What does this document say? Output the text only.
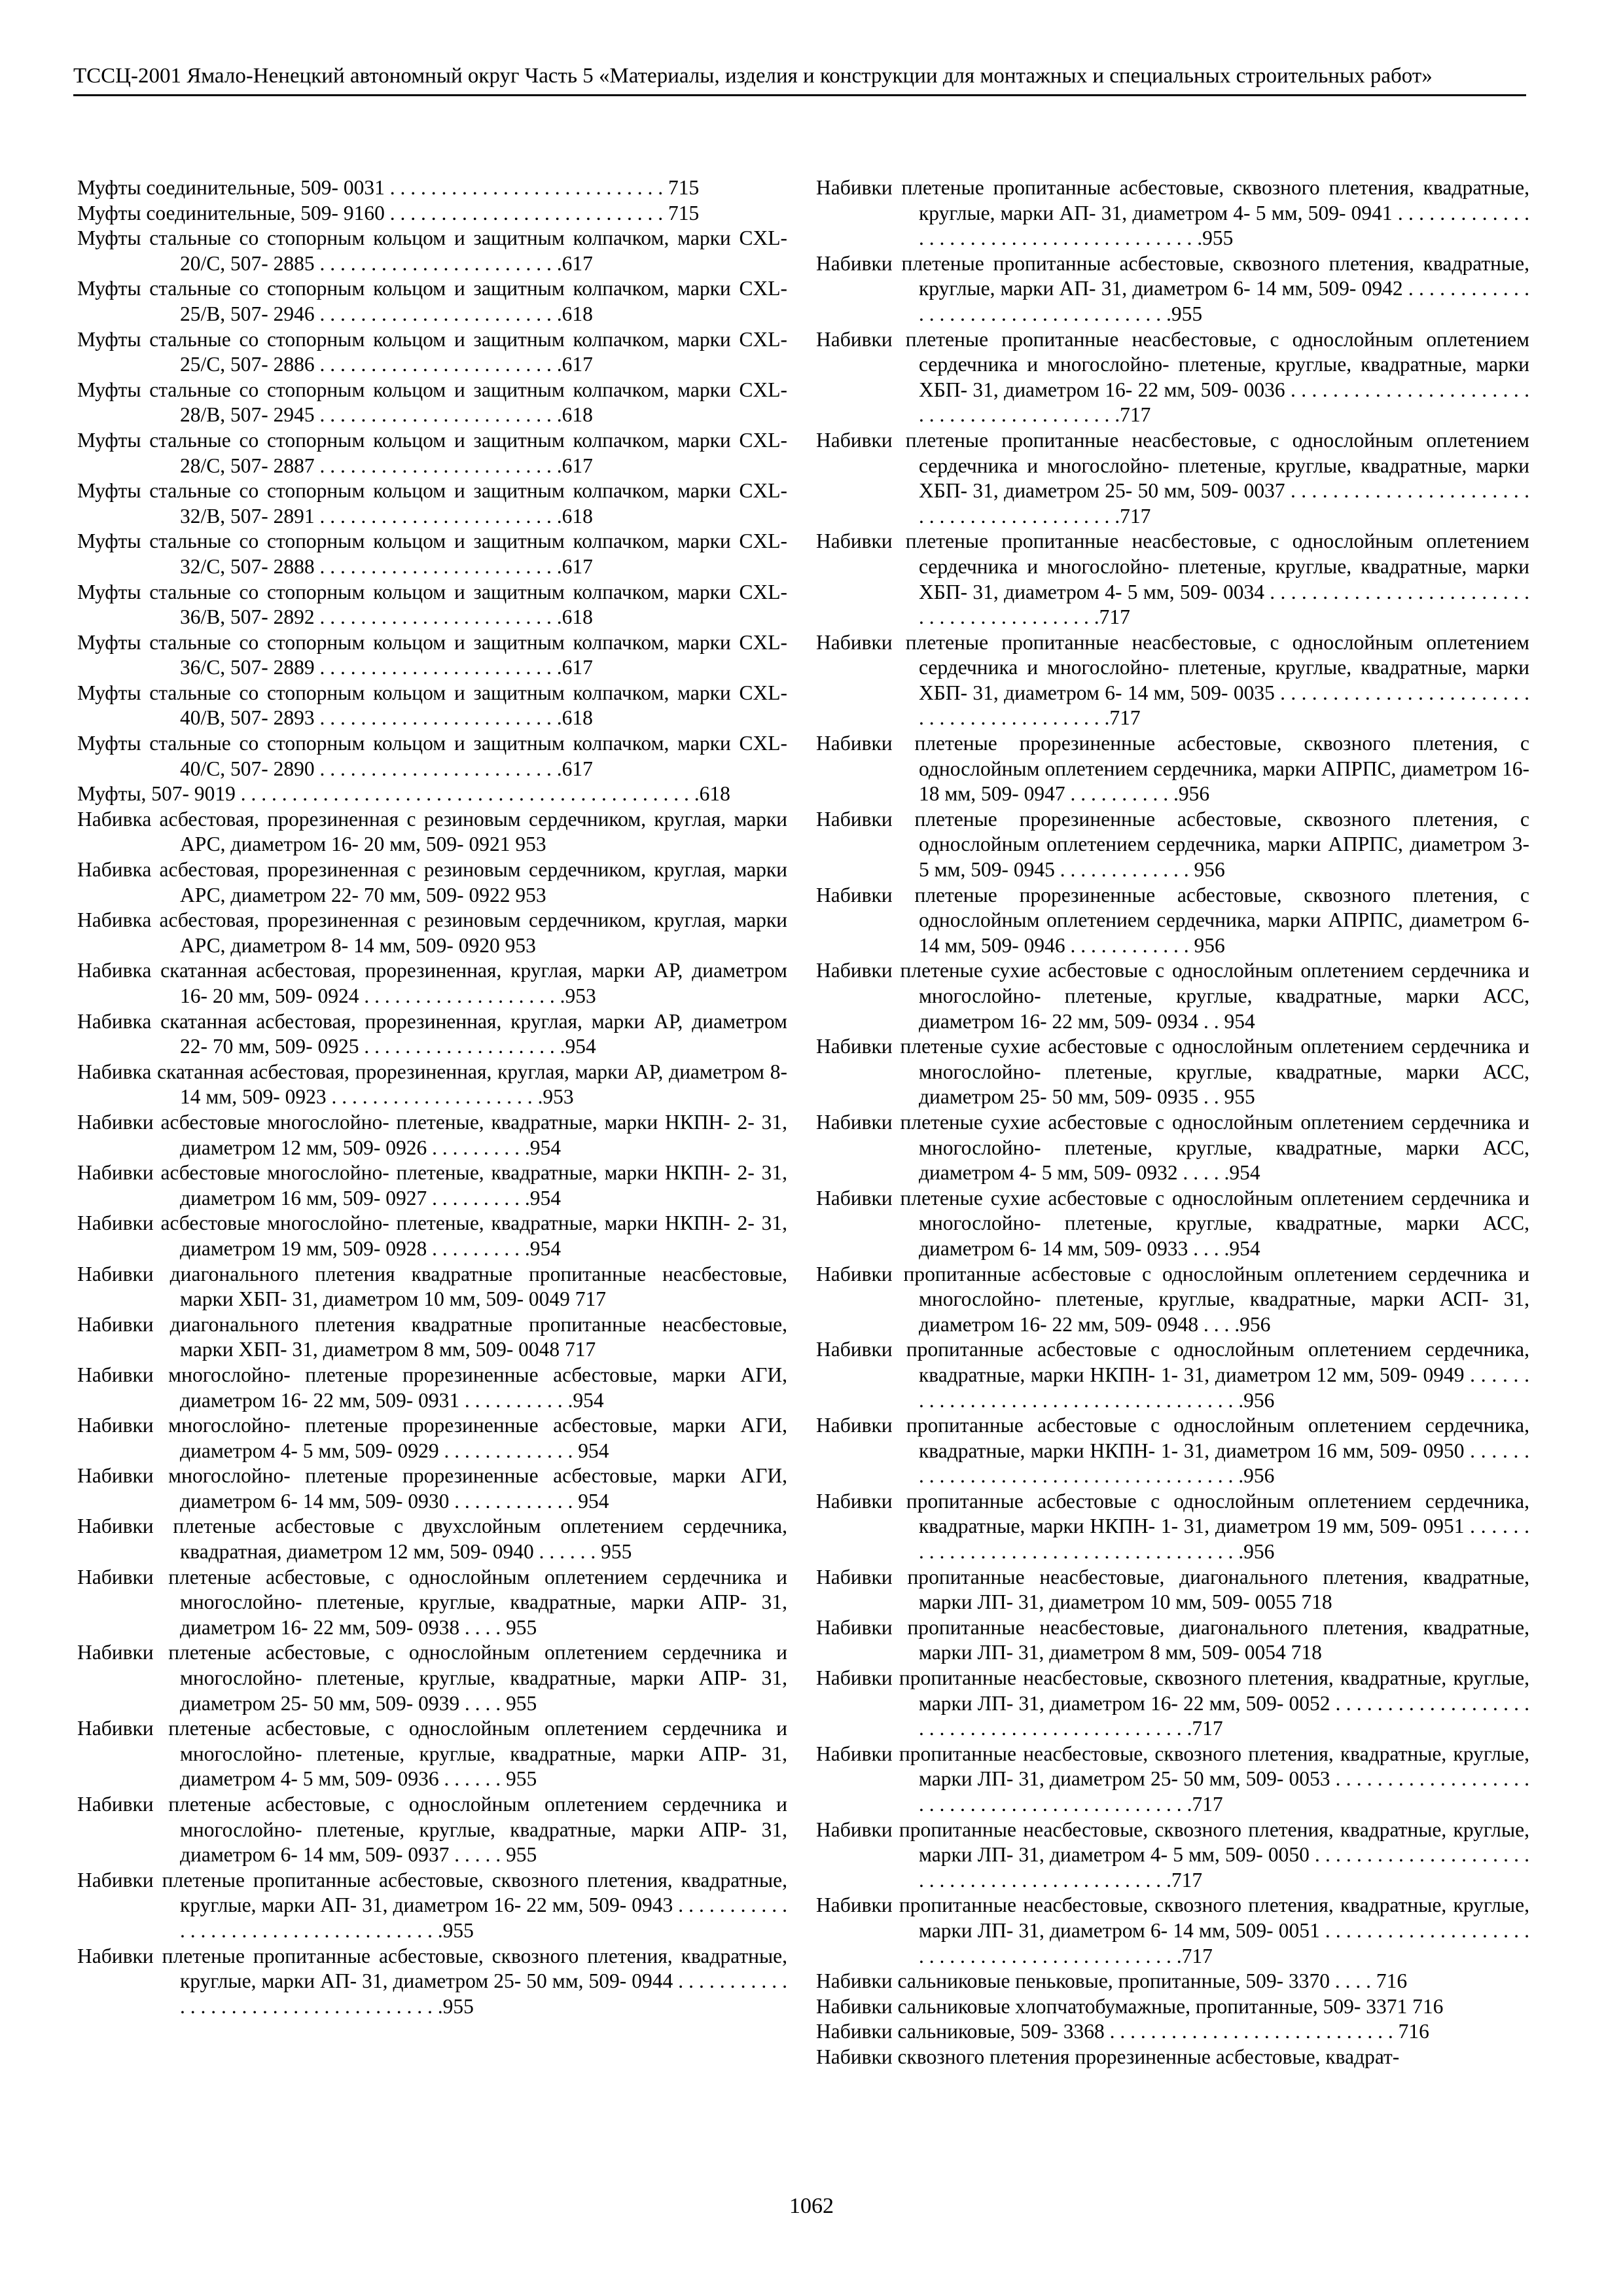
ТССЦ-2001 Ямало-Ненецкий автономный округ Часть 5 «Материалы, изделия и конструкции для монтажных и специальных строительных работ»

Муфты соединительные, 509- 0031 . . . . . . . . . . . . . . . . . . . . . . . . . . . 715

Муфты соединительные, 509- 9160 . . . . . . . . . . . . . . . . . . . . . . . . . . . 715

Муфты стальные со стопорным кольцом и защитным колпачком, марки CXL- 20/C, 507- 2885 . . . . . . . . . . . . . . . . . . . . . . . .617

Муфты стальные со стопорным кольцом и защитным колпачком, марки CXL- 25/B, 507- 2946 . . . . . . . . . . . . . . . . . . . . . . . .618

Муфты стальные со стопорным кольцом и защитным колпачком, марки CXL- 25/C, 507- 2886 . . . . . . . . . . . . . . . . . . . . . . . .617

Муфты стальные со стопорным кольцом и защитным колпачком, марки CXL- 28/B, 507- 2945 . . . . . . . . . . . . . . . . . . . . . . . .618

Муфты стальные со стопорным кольцом и защитным колпачком, марки CXL- 28/C, 507- 2887 . . . . . . . . . . . . . . . . . . . . . . . .617

Муфты стальные со стопорным кольцом и защитным колпачком, марки CXL- 32/B, 507- 2891 . . . . . . . . . . . . . . . . . . . . . . . .618

Муфты стальные со стопорным кольцом и защитным колпачком, марки CXL- 32/C, 507- 2888 . . . . . . . . . . . . . . . . . . . . . . . .617

Муфты стальные со стопорным кольцом и защитным колпачком, марки CXL- 36/B, 507- 2892 . . . . . . . . . . . . . . . . . . . . . . . .618

Муфты стальные со стопорным кольцом и защитным колпачком, марки CXL- 36/C, 507- 2889 . . . . . . . . . . . . . . . . . . . . . . . .617

Муфты стальные со стопорным кольцом и защитным колпачком, марки CXL- 40/B, 507- 2893 . . . . . . . . . . . . . . . . . . . . . . . .618

Муфты стальные со стопорным кольцом и защитным колпачком, марки CXL- 40/C, 507- 2890 . . . . . . . . . . . . . . . . . . . . . . . .617

Муфты, 507- 9019 . . . . . . . . . . . . . . . . . . . . . . . . . . . . . . . . . . . . . . . . . . . . .618

Набивка асбестовая, прорезиненная с резиновым сердечником, круглая, марки АРС, диаметром 16- 20 мм, 509- 0921 953

Набивка асбестовая, прорезиненная с резиновым сердечником, круглая, марки АРС, диаметром 22- 70 мм, 509- 0922 953

Набивка асбестовая, прорезиненная с резиновым сердечником, круглая, марки АРС, диаметром 8- 14 мм, 509- 0920 953

Набивка скатанная асбестовая, прорезиненная, круглая, марки АР, диаметром 16- 20 мм, 509- 0924 . . . . . . . . . . . . . . . . . . . .953

Набивка скатанная асбестовая, прорезиненная, круглая, марки АР, диаметром 22- 70 мм, 509- 0925 . . . . . . . . . . . . . . . . . . . .954

Набивка скатанная асбестовая, прорезиненная, круглая, марки АР, диаметром 8- 14 мм, 509- 0923 . . . . . . . . . . . . . . . . . . . . .953

Набивки асбестовые многослойно- плетеные, квадратные, марки НКПН- 2- 31, диаметром 12 мм, 509- 0926 . . . . . . . . . .954

Набивки асбестовые многослойно- плетеные, квадратные, марки НКПН- 2- 31, диаметром 16 мм, 509- 0927 . . . . . . . . . .954

Набивки асбестовые многослойно- плетеные, квадратные, марки НКПН- 2- 31, диаметром 19 мм, 509- 0928 . . . . . . . . . .954

Набивки диагонального плетения квадратные пропитанные неасбестовые, марки ХБП- 31, диаметром 10 мм, 509- 0049 717

Набивки диагонального плетения квадратные пропитанные неасбестовые, марки ХБП- 31, диаметром 8 мм, 509- 0048 717

Набивки многослойно- плетеные прорезиненные асбестовые, марки АГИ, диаметром 16- 22 мм, 509- 0931 . . . . . . . . . . .954

Набивки многослойно- плетеные прорезиненные асбестовые, марки АГИ, диаметром 4- 5 мм, 509- 0929 . . . . . . . . . . . . . 954

Набивки многослойно- плетеные прорезиненные асбестовые, марки АГИ, диаметром 6- 14 мм, 509- 0930 . . . . . . . . . . . . 954

Набивки плетеные асбестовые с двухслойным оплетением сердечника, квадратная, диаметром 12 мм, 509- 0940 . . . . . . 955

Набивки плетеные асбестовые, с однослойным оплетением сердечника и многослойно- плетеные, круглые, квадратные, марки АПР- 31, диаметром 16- 22 мм, 509- 0938 . . . . 955

Набивки плетеные асбестовые, с однослойным оплетением сердечника и многослойно- плетеные, круглые, квадратные, марки АПР- 31, диаметром 25- 50 мм, 509- 0939 . . . . 955

Набивки плетеные асбестовые, с однослойным оплетением сердечника и многослойно- плетеные, круглые, квадратные, марки АПР- 31, диаметром 4- 5 мм, 509- 0936 . . . . . . 955

Набивки плетеные асбестовые, с однослойным оплетением сердечника и многослойно- плетеные, круглые, квадратные, марки АПР- 31, диаметром 6- 14 мм, 509- 0937 . . . . . 955

Набивки плетеные пропитанные асбестовые, сквозного плетения, квадратные, круглые, марки АП- 31, диаметром 16- 22 мм, 509- 0943 . . . . . . . . . . . . . . . . . . . . . . . . . . . . . . . . . . . . .955

Набивки плетеные пропитанные асбестовые, сквозного плетения, квадратные, круглые, марки АП- 31, диаметром 25- 50 мм, 509- 0944 . . . . . . . . . . . . . . . . . . . . . . . . . . . . . . . . . . . . .955

Набивки плетеные пропитанные асбестовые, сквозного плетения, квадратные, круглые, марки АП- 31, диаметром 4- 5 мм, 509- 0941 . . . . . . . . . . . . . . . . . . . . . . . . . . . . . . . . . . . . . . . . .955

Набивки плетеные пропитанные асбестовые, сквозного плетения, квадратные, круглые, марки АП- 31, диаметром 6- 14 мм, 509- 0942 . . . . . . . . . . . . . . . . . . . . . . . . . . . . . . . . . . . . .955

Набивки плетеные пропитанные неасбестовые, с однослойным оплетением сердечника и многослойно- плетеные, круглые, квадратные, марки ХБП- 31, диаметром 16- 22 мм, 509- 0036 . . . . . . . . . . . . . . . . . . . . . . . . . . . . . . . . . . . . . . . . . . .717

Набивки плетеные пропитанные неасбестовые, с однослойным оплетением сердечника и многослойно- плетеные, круглые, квадратные, марки ХБП- 31, диаметром 25- 50 мм, 509- 0037 . . . . . . . . . . . . . . . . . . . . . . . . . . . . . . . . . . . . . . . . . . .717

Набивки плетеные пропитанные неасбестовые, с однослойным оплетением сердечника и многослойно- плетеные, круглые, квадратные, марки ХБП- 31, диаметром 4- 5 мм, 509- 0034 . . . . . . . . . . . . . . . . . . . . . . . . . . . . . . . . . . . . . . . . . . .717

Набивки плетеные пропитанные неасбестовые, с однослойным оплетением сердечника и многослойно- плетеные, круглые, квадратные, марки ХБП- 31, диаметром 6- 14 мм, 509- 0035 . . . . . . . . . . . . . . . . . . . . . . . . . . . . . . . . . . . . . . . . . . .717

Набивки плетеные прорезиненные асбестовые, сквозного плетения, с однослойным оплетением сердечника, марки АПРПС, диаметром 16- 18 мм, 509- 0947 . . . . . . . . . . .956

Набивки плетеные прорезиненные асбестовые, сквозного плетения, с однослойным оплетением сердечника, марки АПРПС, диаметром 3- 5 мм, 509- 0945 . . . . . . . . . . . . . 956

Набивки плетеные прорезиненные асбестовые, сквозного плетения, с однослойным оплетением сердечника, марки АПРПС, диаметром 6- 14 мм, 509- 0946 . . . . . . . . . . . . 956

Набивки плетеные сухие асбестовые с однослойным оплетением сердечника и многослойно- плетеные, круглые, квадратные, марки АСС, диаметром 16- 22 мм, 509- 0934 . . 954

Набивки плетеные сухие асбестовые с однослойным оплетением сердечника и многослойно- плетеные, круглые, квадратные, марки АСС, диаметром 25- 50 мм, 509- 0935 . . 955

Набивки плетеные сухие асбестовые с однослойным оплетением сердечника и многослойно- плетеные, круглые, квадратные, марки АСС, диаметром 4- 5 мм, 509- 0932 . . . . .954

Набивки плетеные сухие асбестовые с однослойным оплетением сердечника и многослойно- плетеные, круглые, квадратные, марки АСС, диаметром 6- 14 мм, 509- 0933 . . . .954

Набивки пропитанные асбестовые с однослойным оплетением сердечника и многослойно- плетеные, круглые, квадратные, марки АСП- 31, диаметром 16- 22 мм, 509- 0948 . . . .956

Набивки пропитанные асбестовые с однослойным оплетением сердечника, квадратные, марки НКПН- 1- 31, диаметром 12 мм, 509- 0949 . . . . . . . . . . . . . . . . . . . . . . . . . . . . . . . . . . . . . .956

Набивки пропитанные асбестовые с однослойным оплетением сердечника, квадратные, марки НКПН- 1- 31, диаметром 16 мм, 509- 0950 . . . . . . . . . . . . . . . . . . . . . . . . . . . . . . . . . . . . . .956

Набивки пропитанные асбестовые с однослойным оплетением сердечника, квадратные, марки НКПН- 1- 31, диаметром 19 мм, 509- 0951 . . . . . . . . . . . . . . . . . . . . . . . . . . . . . . . . . . . . . .956

Набивки пропитанные неасбестовые, диагонального плетения, квадратные, марки ЛП- 31, диаметром 10 мм, 509- 0055 718

Набивки пропитанные неасбестовые, диагонального плетения, квадратные, марки ЛП- 31, диаметром 8 мм, 509- 0054 718

Набивки пропитанные неасбестовые, сквозного плетения, квадратные, круглые, марки ЛП- 31, диаметром 16- 22 мм, 509- 0052 . . . . . . . . . . . . . . . . . . . . . . . . . . . . . . . . . . . . . . . . . . . . . .717

Набивки пропитанные неасбестовые, сквозного плетения, квадратные, круглые, марки ЛП- 31, диаметром 25- 50 мм, 509- 0053 . . . . . . . . . . . . . . . . . . . . . . . . . . . . . . . . . . . . . . . . . . . . . .717

Набивки пропитанные неасбестовые, сквозного плетения, квадратные, круглые, марки ЛП- 31, диаметром 4- 5 мм, 509- 0050 . . . . . . . . . . . . . . . . . . . . . . . . . . . . . . . . . . . . . . . . . . . . . .717

Набивки пропитанные неасбестовые, сквозного плетения, квадратные, круглые, марки ЛП- 31, диаметром 6- 14 мм, 509- 0051 . . . . . . . . . . . . . . . . . . . . . . . . . . . . . . . . . . . . . . . . . . . . . .717

Набивки сальниковые пеньковые, пропитанные, 509- 3370 . . . . 716

Набивки сальниковые хлопчатобумажные, пропитанные, 509- 3371 716

Набивки сальниковые, 509- 3368 . . . . . . . . . . . . . . . . . . . . . . . . . . . . 716

Набивки сквозного плетения прорезиненные асбестовые, квадрат-

1062
